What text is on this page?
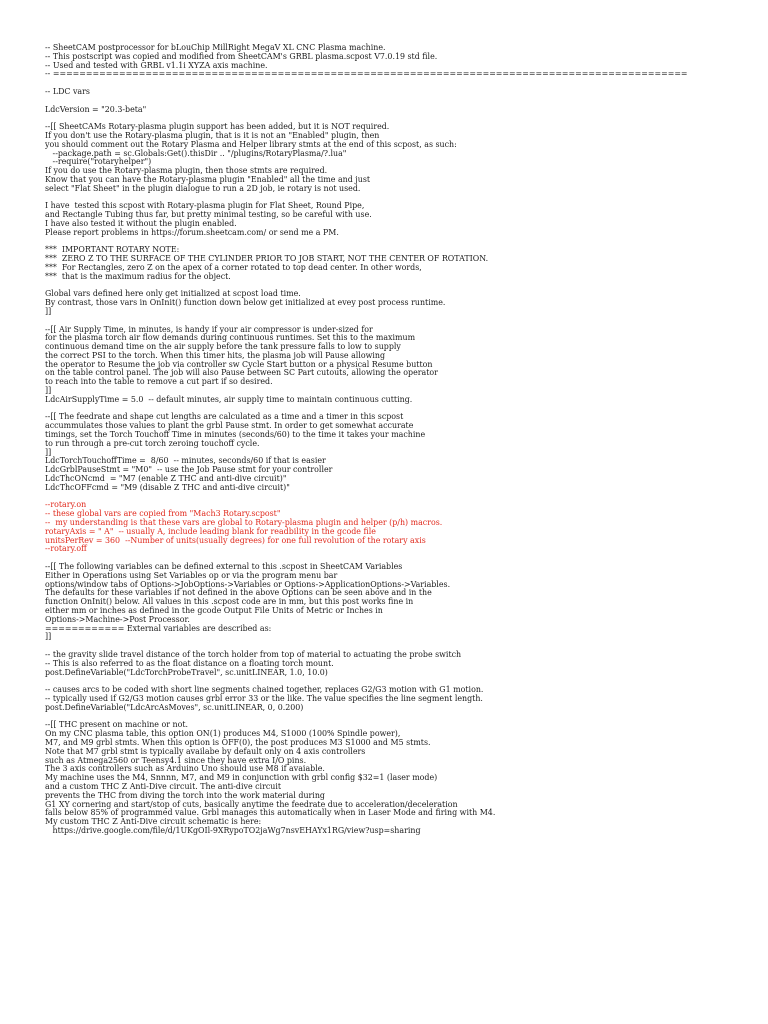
-- SheetCAM postprocessor for bLouChip MillRight MegaV XL CNC Plasma machine.
-- This postscript was copied and modified from SheetCAM's GRBL plasma.scpost V7.0.19 std file.
-- Used and tested with GRBL v1.1i XYZA axis machine.
-- ================================================================================================
-- LDC vars
LdcVersion = "20.3-beta"
--[[ SheetCAMs Rotary-plasma plugin support has been added, but it is NOT required.
If you don't use the Rotary-plasma plugin, that is it is not an "Enabled" plugin, then
you should comment out the Rotary Plasma and Helper library stmts at the end of this scpost, as such:
--package.path = sc.Globals:Get().thisDir .. "/plugins/RotaryPlasma/?.lua"
--require("rotaryhelper")
If you do use the Rotary-plasma plugin, then those stmts are required.
Know that you can have the Rotary-plasma plugin "Enabled" all the time and just
select "Flat Sheet" in the plugin dialogue to run a 2D job, ie rotary is not used.
I have  tested this scpost with Rotary-plasma plugin for Flat Sheet, Round Pipe,
and Rectangle Tubing thus far, but pretty minimal testing, so be careful with use.
I have also tested it without the plugin enabled.
Please report problems in https://forum.sheetcam.com/ or send me a PM.
***  IMPORTANT ROTARY NOTE:
***  ZERO Z TO THE SURFACE OF THE CYLINDER PRIOR TO JOB START, NOT THE CENTER OF ROTATION.
***  For Rectangles, zero Z on the apex of a corner rotated to top dead center. In other words,
***  that is the maximum radius for the object.
Global vars defined here only get initialized at scpost load time.
By contrast, those vars in OnInit() function down below get initialized at evey post process runtime.
]]
--[[ Air Supply Time, in minutes, is handy if your air compressor is under-sized for
for the plasma torch air flow demands during continuous runtimes. Set this to the maximum
continuous demand time on the air supply before the tank pressure falls to low to supply
the correct PSI to the torch. When this timer hits, the plasma job will Pause allowing
the operator to Resume the job via controller sw Cycle Start button or a physical Resume button
on the table control panel. The job will also Pause between SC Part cutouts, allowing the operator
to reach into the table to remove a cut part if so desired.
]]
LdcAirSupplyTime = 5.0  -- default minutes, air supply time to maintain continuous cutting.
--[[ The feedrate and shape cut lengths are calculated as a time and a timer in this scpost
accummulates those values to plant the grbl Pause stmt. In order to get somewhat accurate
timings, set the Torch Touchoff Time in minutes (seconds/60) to the time it takes your machine
to run through a pre-cut torch zeroing touchoff cycle.
]]
LdcTorchTouchoffTime =  8/60  -- minutes, seconds/60 if that is easier
LdcGrblPauseStmt = "M0"  -- use the Job Pause stmt for your controller
LdcThcONcmd  = "M7 (enable Z THC and anti-dive circuit)"
LdcThcOFFcmd = "M9 (disable Z THC and anti-dive circuit)"
--rotary.on
-- these global vars are copied from "Mach3 Rotary.scpost"
--  my understanding is that these vars are global to Rotary-plasma plugin and helper (p/h) macros.
rotaryAxis = " A"  -- usually A, include leading blank for readbility in the gcode file
unitsPerRev = 360  --Number of units(usually degrees) for one full revolution of the rotary axis
--rotary.off
--[[ The following variables can be defined external to this .scpost in SheetCAM Variables
Either in Operations using Set Variables op or via the program menu bar
options/window tabs of Options->JobOptions->Variables or Options->ApplicationOptions->Variables.
The defaults for these variables if not defined in the above Options can be seen above and in the
function OnInit() below. All values in this .scpost code are in mm, but this post works fine in
either mm or inches as defined in the gcode Output File Units of Metric or Inches in
Options->Machine->Post Processor.
============ External variables are described as:
]]
-- the gravity slide travel distance of the torch holder from top of material to actuating the probe switch
-- This is also referred to as the float distance on a floating torch mount.
post.DefineVariable("LdcTorchProbeTravel", sc.unitLINEAR, 1.0, 10.0)
-- causes arcs to be coded with short line segments chained together, replaces G2/G3 motion with G1 motion.
-- typically used if G2/G3 motion causes grbl error 33 or the like. The value specifies the line segment length.
post.DefineVariable("LdcArcAsMoves", sc.unitLINEAR, 0, 0.200)
--[[ THC present on machine or not.
On my CNC plasma table, this option ON(1) produces M4, S1000 (100% Spindle power),
M7, and M9 grbl stmts. When this option is OFF(0), the post produces M3 S1000 and M5 stmts.
Note that M7 grbl stmt is typically availabe by default only on 4 axis controllers
such as Atmega2560 or Teensy4.1 since they have extra I/O pins.
The 3 axis controllers such as Arduino Uno should use M8 if avaiable.
My machine uses the M4, Snnnn, M7, and M9 in conjunction with grbl config $32=1 (laser mode)
and a custom THC Z Anti-Dive circuit. The anti-dive circuit
prevents the THC from diving the torch into the work material during
G1 XY cornering and start/stop of cuts, basically anytime the feedrate due to acceleration/deceleration
falls below 85% of programmed value. Grbl manages this automatically when in Laser Mode and firing with M4.
My custom THC Z Anti-Dive circuit schematic is here:
https://drive.google.com/file/d/1UKgOIl-9XRypoTO2jaWg7nsvEHAYx1RG/view?usp=sharing
